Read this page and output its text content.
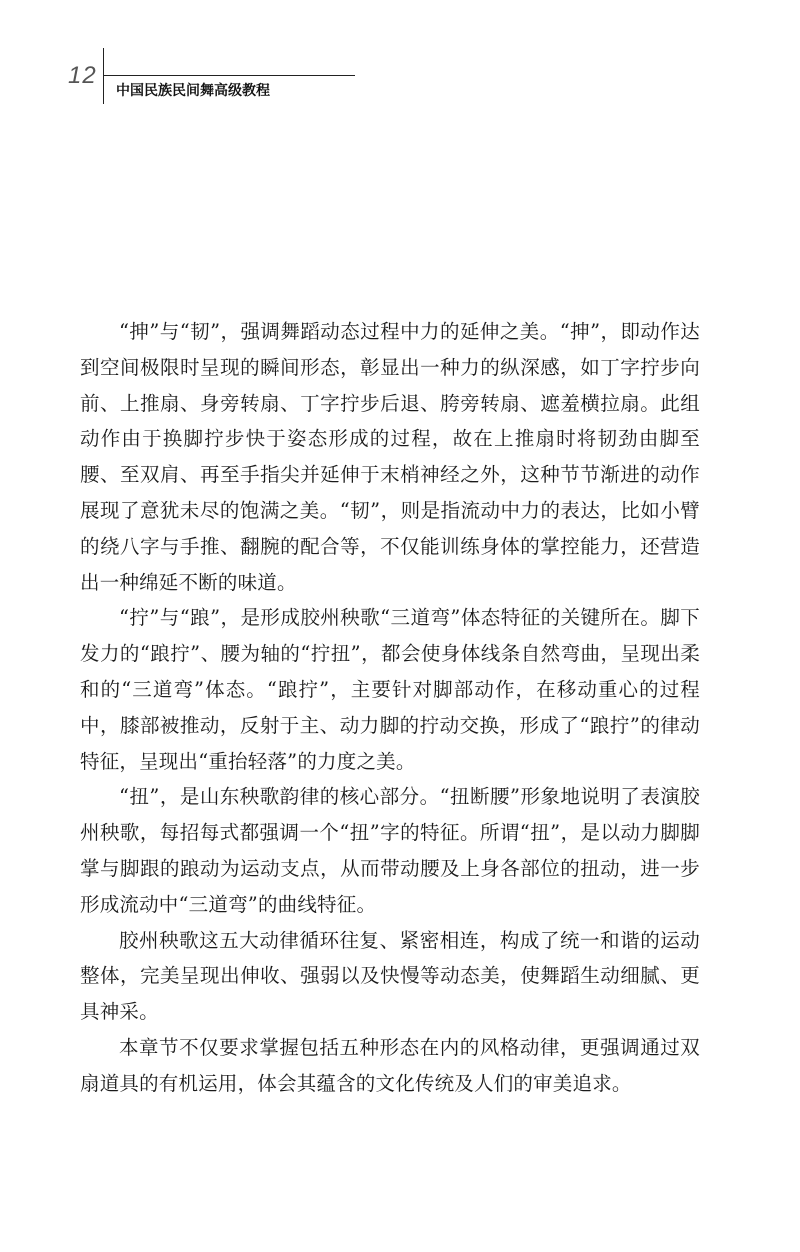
12
中国民族民间舞高级教程

“抻”与“韧”，强调舞蹈动态过程中力的延伸之美。“抻”，即动作达到空间极限时呈现的瞬间形态，彰显出一种力的纵深感，如丁字拧步向前、上推扇、身旁转扇、丁字拧步后退、胯旁转扇、遮羞横拉扇。此组动作由于换脚拧步快于姿态形成的过程，故在上推扇时将韧劲由脚至腰、至双肩、再至手指尖并延伸于末梢神经之外，这种节节渐进的动作展现了意犹未尽的饱满之美。“韧”，则是指流动中力的表达，比如小臂的绕八字与手推、翻腕的配合等，不仅能训练身体的掌控能力，还营造出一种绵延不断的味道。

“拧”与“踉”，是形成胶州秧歌“三道弯”体态特征的关键所在。脚下发力的“踉拧”、腰为轴的“拧扭”，都会使身体线条自然弯曲，呈现出柔和的“三道弯”体态。“踉拧”，主要针对脚部动作，在移动重心的过程中，膝部被推动，反射于主、动力脚的拧动交换，形成了“踉拧”的律动特征，呈现出“重抬轻落”的力度之美。

“扭”，是山东秧歌韵律的核心部分。“扭断腰”形象地说明了表演胶州秧歌，每招每式都强调一个“扭”字的特征。所谓“扭”，是以动力脚脚掌与脚跟的踉动为运动支点，从而带动腰及上身各部位的扭动，进一步形成流动中“三道弯”的曲线特征。

胶州秧歌这五大动律循环往复、紧密相连，构成了统一和谐的运动整体，完美呈现出伸收、强弱以及快慢等动态美，使舞蹈生动细腻、更具神采。

本章节不仅要求掌握包括五种形态在内的风格动律，更强调通过双扇道具的有机运用，体会其蕴含的文化传统及人们的审美追求。
